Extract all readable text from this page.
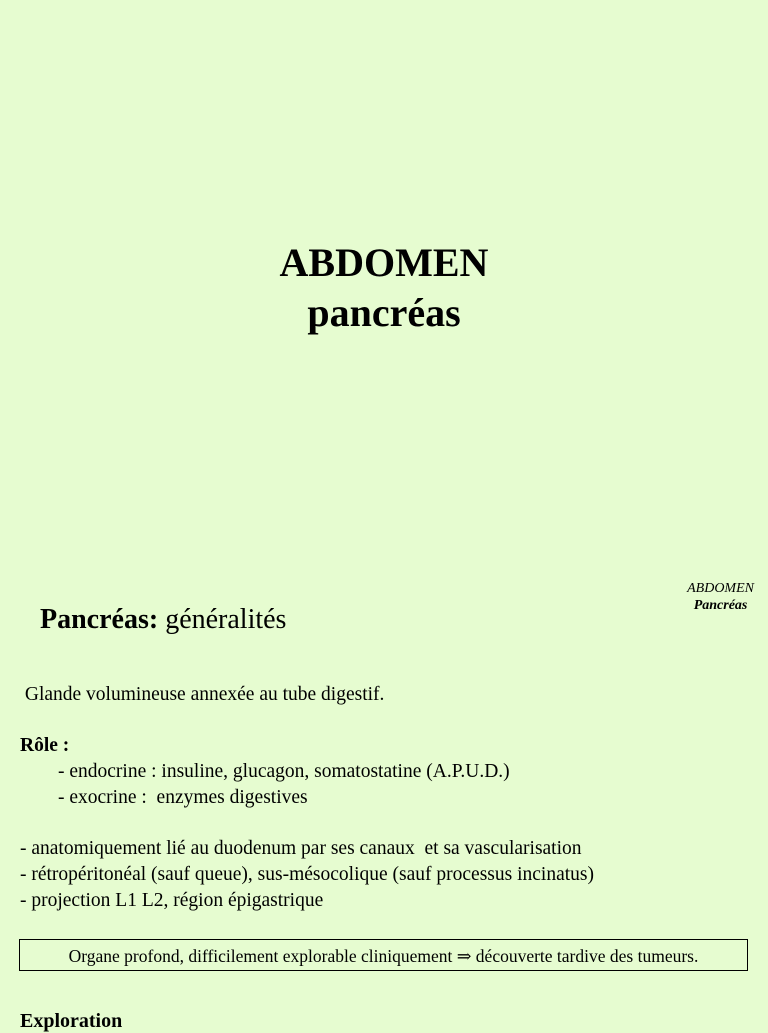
ABDOMEN
pancréas
ABDOMEN
Pancréas
Pancréas: généralités
Glande volumineuse annexée au tube digestif.
Rôle :
- endocrine : insuline, glucagon, somatostatine (A.P.U.D.)
- exocrine :  enzymes digestives
- anatomiquement lié au duodenum par ses canaux  et sa vascularisation
- rétropéritonéal (sauf queue), sus-mésocolique (sauf processus incinatus)
- projection L1 L2, région épigastrique
Organe profond, difficilement explorable cliniquement ⇒ découverte tardive des tumeurs.
Exploration
